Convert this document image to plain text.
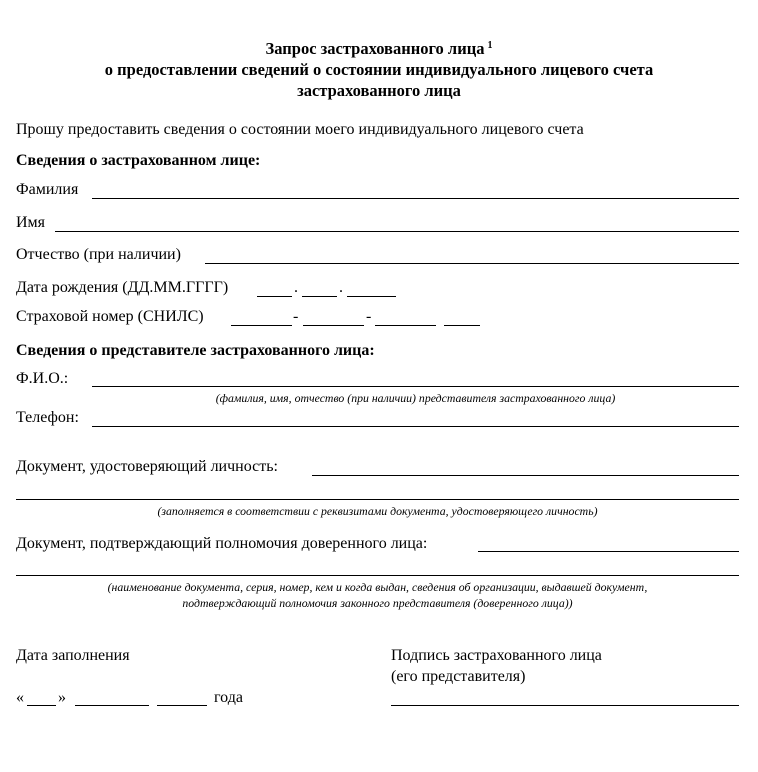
Запрос застрахованного лица $^1$
о предоставлении сведений о состоянии индивидуального лицевого счета
застрахованного лица
Прошу предоставить сведения о состоянии моего индивидуального лицевого счета
Сведения о застрахованном лице:
Фамилия
Имя
Отчество (при наличии)
Дата рождения (ДД.ММ.ГГГГ)	.	.
Страховой номер (СНИЛС)	-	-
Сведения о представителе застрахованного лица:
Ф.И.О.:
(фамилия, имя, отчество (при наличии) представителя застрахованного лица)
Телефон:
Документ, удостоверяющий личность:
(заполняется в соответствии с реквизитами документа, удостоверяющего личность)
Документ, подтверждающий полномочия доверенного лица:
(наименование документа, серия, номер, кем и когда выдан, сведения об организации, выдавшей документ,
подтверждающий полномочия законного представителя (доверенного лица))
Дата заполнения
« »	года
Подпись застрахованного лица
(его представителя)
